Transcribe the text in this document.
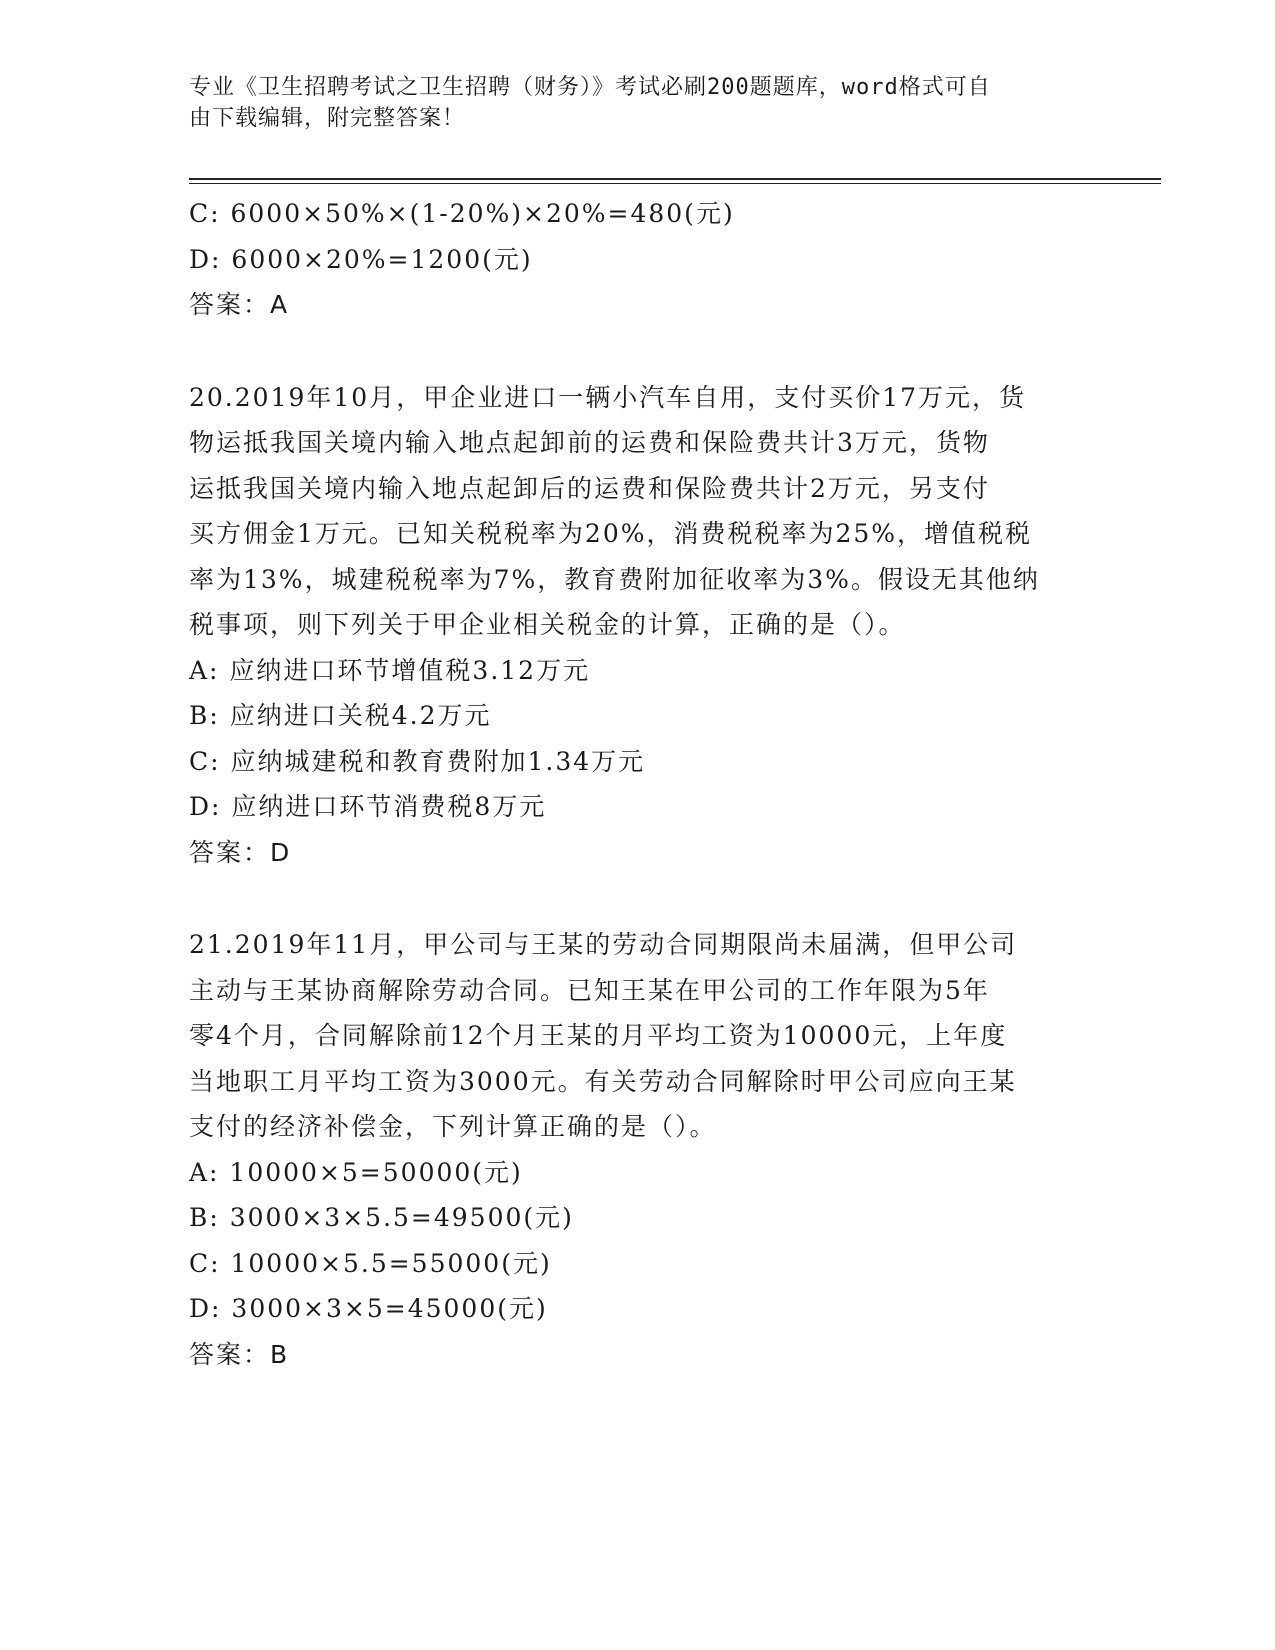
专业《卫生招聘考试之卫生招聘（财务）》考试必刷200题题库，word格式可自
由下载编辑，附完整答案！

C: 6000×50%×(1-20%)×20%=480(元)

D: 6000×20%=1200(元)

答案：A

20.2019年10月，甲企业进口一辆小汽车自用，支付买价17万元，货

物运抵我国关境内输入地点起卸前的运费和保险费共计3万元，货物

运抵我国关境内输入地点起卸后的运费和保险费共计2万元，另支付

买方佣金1万元。已知关税税率为20%，消费税税率为25%，增值税税

率为13%，城建税税率为7%，教育费附加征收率为3%。假设无其他纳

税事项，则下列关于甲企业相关税金的计算，正确的是（）。

A: 应纳进口环节增值税3.12万元

B: 应纳进口关税4.2万元

C: 应纳城建税和教育费附加1.34万元

D: 应纳进口环节消费税8万元

答案：D

21.2019年11月，甲公司与王某的劳动合同期限尚未届满，但甲公司

主动与王某协商解除劳动合同。已知王某在甲公司的工作年限为5年

零4个月，合同解除前12个月王某的月平均工资为10000元，上年度

当地职工月平均工资为3000元。有关劳动合同解除时甲公司应向王某

支付的经济补偿金，下列计算正确的是（）。

A: 10000×5=50000(元)

B: 3000×3×5.5=49500(元)

C: 10000×5.5=55000(元)

D: 3000×3×5=45000(元)

答案：B
